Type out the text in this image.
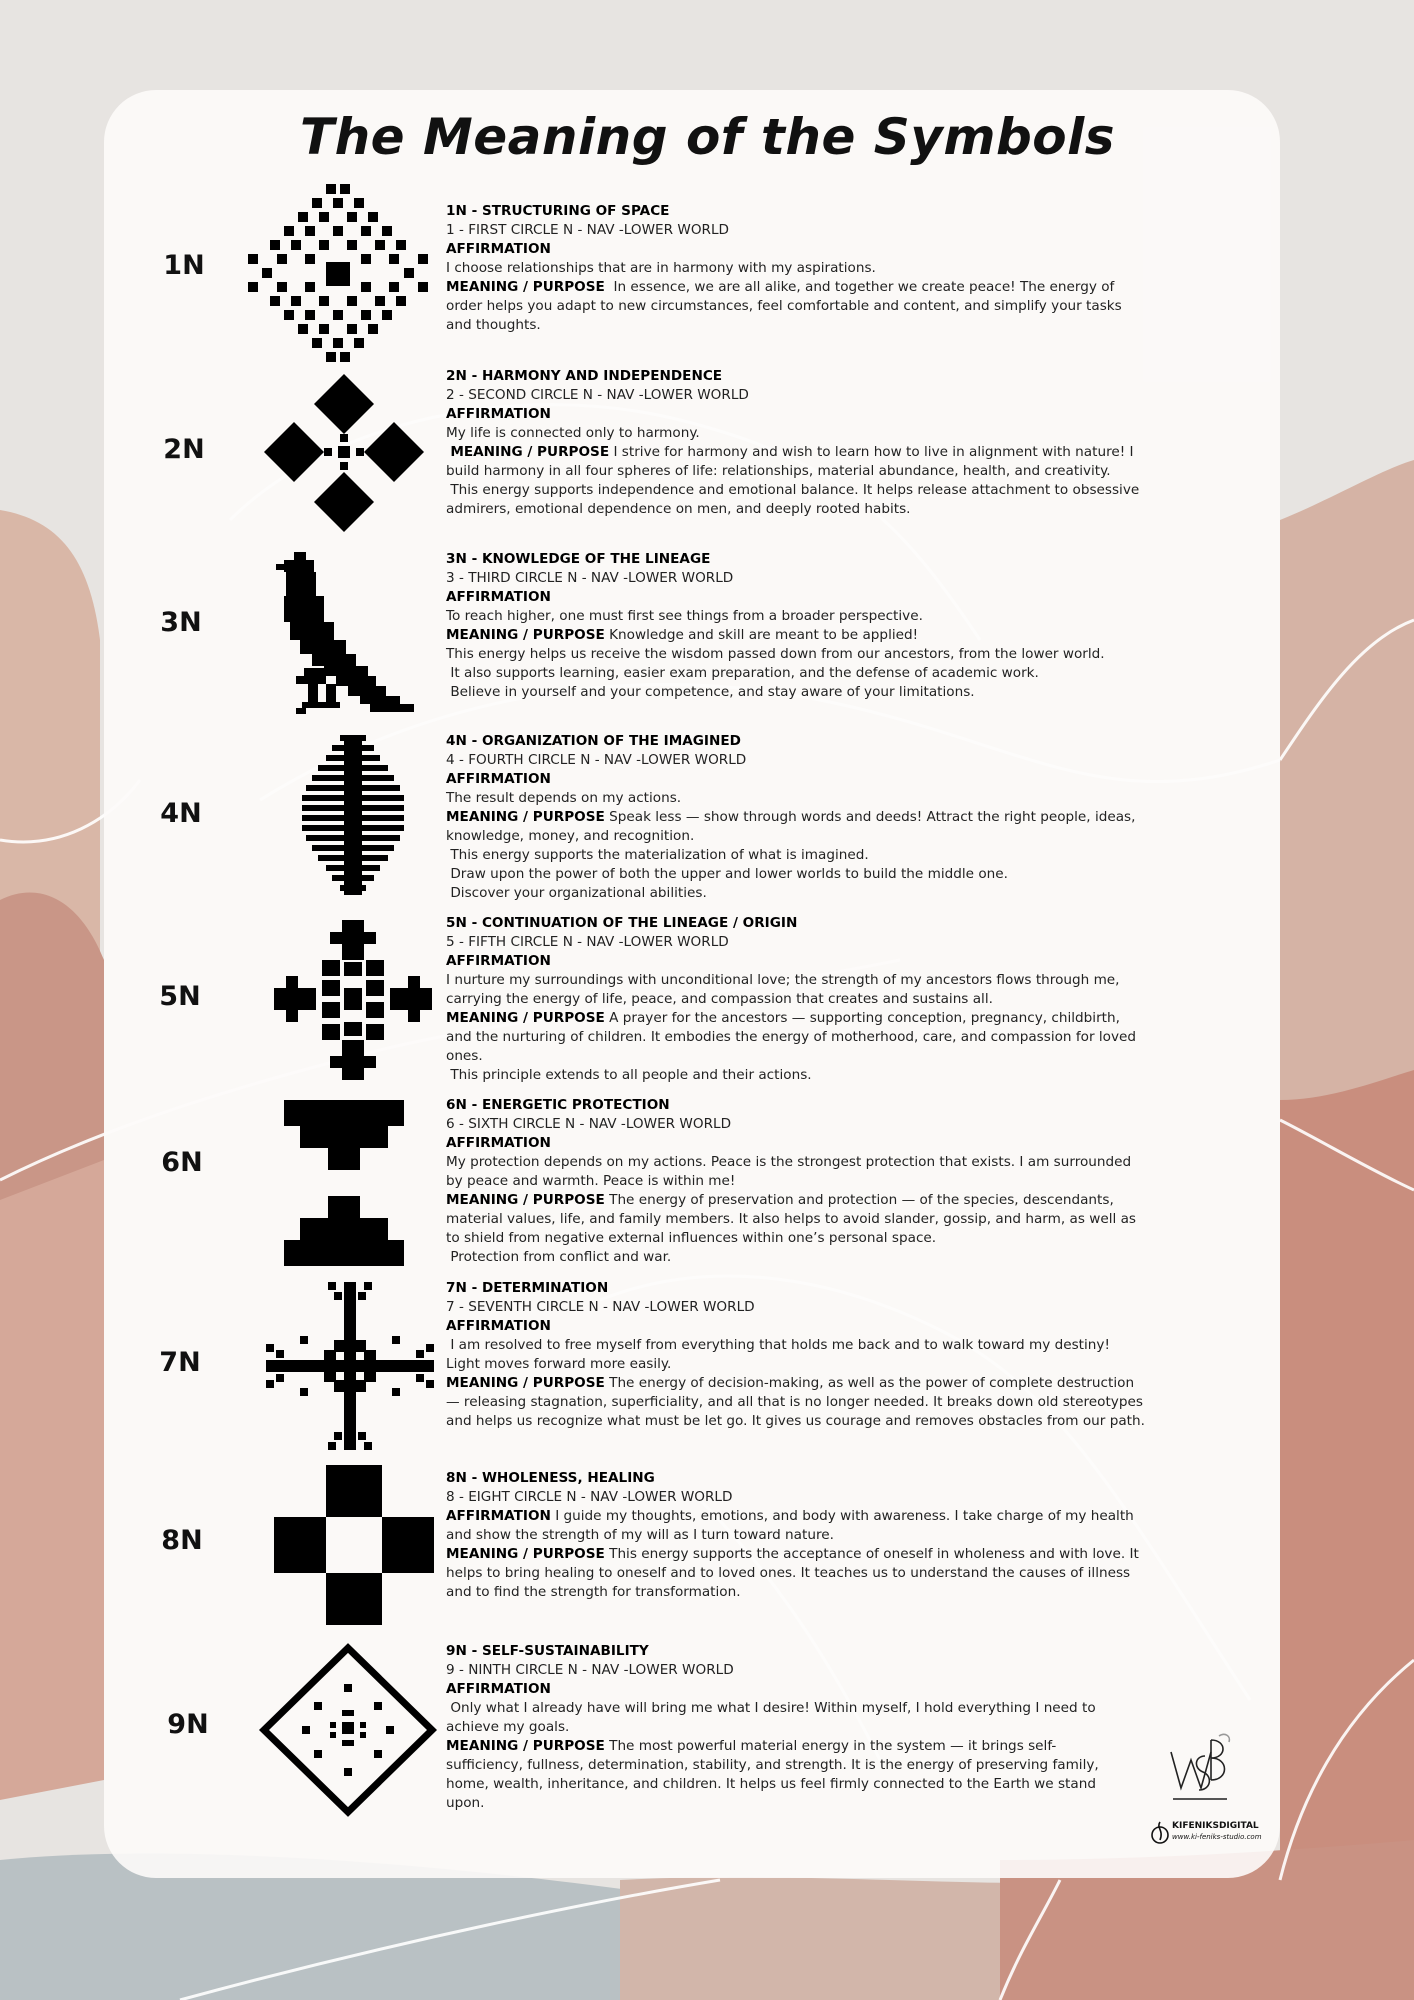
The Meaning of the Symbols
1N
2N
3N
4N
5N
6N
7N
8N
9N

1N - STRUCTURING OF SPACE

1 - FIRST CIRCLE N - NAV -LOWER WORLD

AFFIRMATION

I choose relationships that are in harmony with my aspirations.

MEANING / PURPOSE In essence, we are all alike, and together we create peace! The energy of order helps you adapt to new circumstances, feel comfortable and content, and simplify your tasks and thoughts.

2N - HARMONY AND INDEPENDENCE

2 - SECOND CIRCLE N - NAV -LOWER WORLD

AFFIRMATION

My life is connected only to harmony.

MEANING / PURPOSE I strive for harmony and wish to learn how to live in alignment with nature! I build harmony in all four spheres of life: relationships, material abundance, health, and creativity.

This energy supports independence and emotional balance. It helps release attachment to obsessive admirers, emotional dependence on men, and deeply rooted habits.

3N - KNOWLEDGE OF THE LINEAGE

3 - THIRD CIRCLE N - NAV -LOWER WORLD

AFFIRMATION

To reach higher, one must first see things from a broader perspective.

MEANING / PURPOSE Knowledge and skill are meant to be applied!

This energy helps us receive the wisdom passed down from our ancestors, from the lower world.

It also supports learning, easier exam preparation, and the defense of academic work.

Believe in yourself and your competence, and stay aware of your limitations.

4N - ORGANIZATION OF THE IMAGINED

4 - FOURTH CIRCLE N - NAV -LOWER WORLD

AFFIRMATION

The result depends on my actions.

MEANING / PURPOSE Speak less — show through words and deeds! Attract the right people, ideas, knowledge, money, and recognition.

This energy supports the materialization of what is imagined.

Draw upon the power of both the upper and lower worlds to build the middle one.

Discover your organizational abilities.

5N - CONTINUATION OF THE LINEAGE / ORIGIN

5 - FIFTH CIRCLE N - NAV -LOWER WORLD

AFFIRMATION

I nurture my surroundings with unconditional love; the strength of my ancestors flows through me, carrying the energy of life, peace, and compassion that creates and sustains all.

MEANING / PURPOSE A prayer for the ancestors — supporting conception, pregnancy, childbirth, and the nurturing of children. It embodies the energy of motherhood, care, and compassion for loved ones.

This principle extends to all people and their actions.

6N - ENERGETIC PROTECTION

6 - SIXTH CIRCLE N - NAV -LOWER WORLD

AFFIRMATION

My protection depends on my actions. Peace is the strongest protection that exists. I am surrounded by peace and warmth. Peace is within me!

MEANING / PURPOSE The energy of preservation and protection — of the species, descendants, material values, life, and family members. It also helps to avoid slander, gossip, and harm, as well as to shield from negative external influences within one’s personal space.

Protection from conflict and war.

7N - DETERMINATION

7 - SEVENTH CIRCLE N - NAV -LOWER WORLD

AFFIRMATION

I am resolved to free myself from everything that holds me back and to walk toward my destiny! Light moves forward more easily.

MEANING / PURPOSE The energy of decision-making, as well as the power of complete destruction — releasing stagnation, superficiality, and all that is no longer needed. It breaks down old stereotypes and helps us recognize what must be let go. It gives us courage and removes obstacles from our path.

8N - WHOLENESS, HEALING

8 - EIGHT CIRCLE N - NAV -LOWER WORLD

AFFIRMATION I guide my thoughts, emotions, and body with awareness. I take charge of my health and show the strength of my will as I turn toward nature.

MEANING / PURPOSE This energy supports the acceptance of oneself in wholeness and with love. It helps to bring healing to oneself and to loved ones. It teaches us to understand the causes of illness and to find the strength for transformation.

9N - SELF-SUSTAINABILITY

9 - NINTH CIRCLE N - NAV -LOWER WORLD

AFFIRMATION

Only what I already have will bring me what I desire! Within myself, I hold everything I need to achieve my goals.

MEANING / PURPOSE The most powerful material energy in the system — it brings self-sufficiency, fullness, determination, stability, and strength. It is the energy of preserving family, home, wealth, inheritance, and children. It helps us feel firmly connected to the Earth we stand upon.

KIFENIKSDIGITAL
www.ki-feniks-studio.com
